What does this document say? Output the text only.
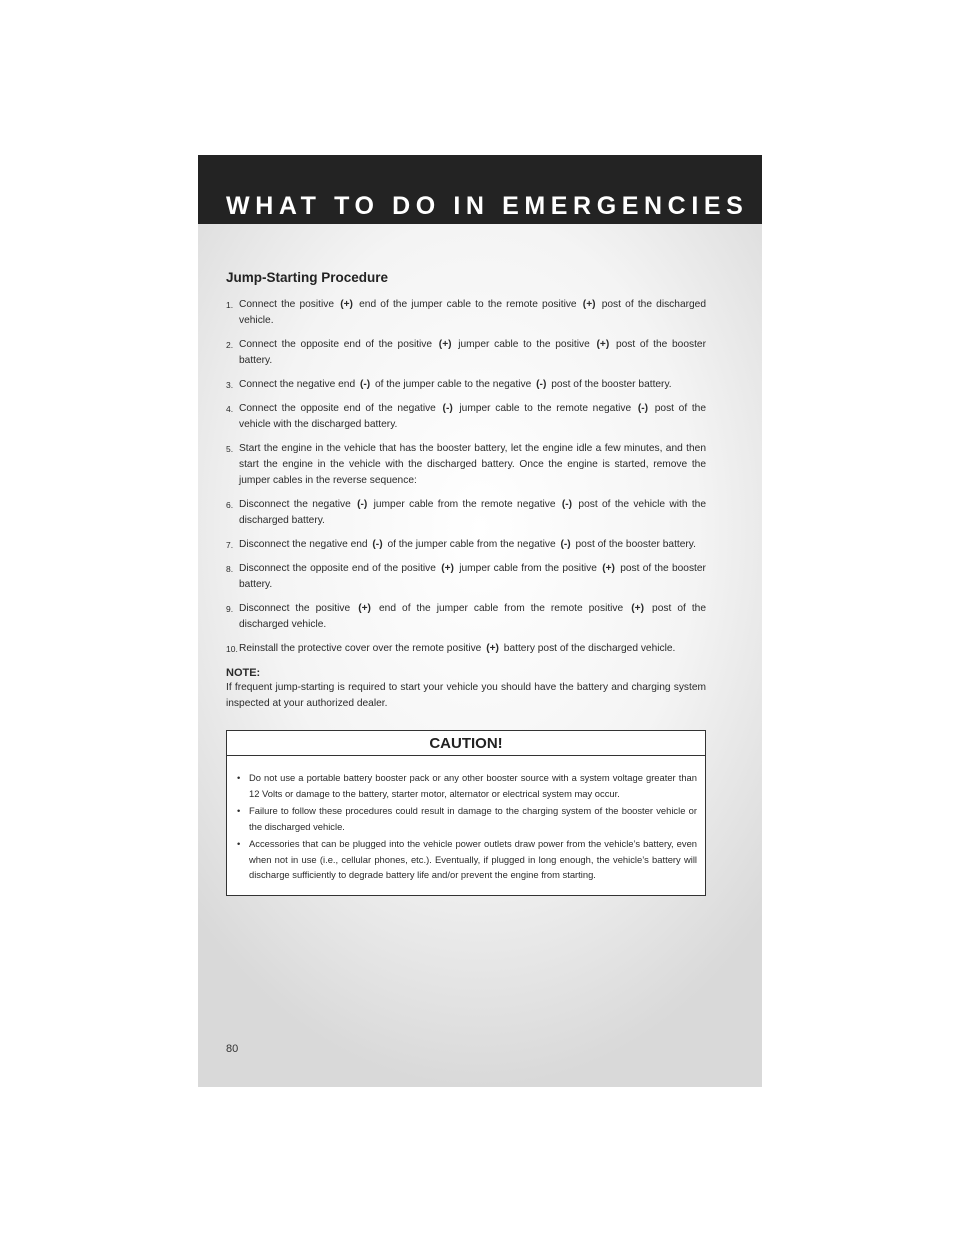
WHAT TO DO IN EMERGENCIES
Jump-Starting Procedure
1. Connect the positive (+) end of the jumper cable to the remote positive (+) post of the discharged vehicle.
2. Connect the opposite end of the positive (+) jumper cable to the positive (+) post of the booster battery.
3. Connect the negative end (-) of the jumper cable to the negative (-) post of the booster battery.
4. Connect the opposite end of the negative (-) jumper cable to the remote negative (-) post of the vehicle with the discharged battery.
5. Start the engine in the vehicle that has the booster battery, let the engine idle a few minutes, and then start the engine in the vehicle with the discharged battery. Once the engine is started, remove the jumper cables in the reverse sequence:
6. Disconnect the negative (-) jumper cable from the remote negative (-) post of the vehicle with the discharged battery.
7. Disconnect the negative end (-) of the jumper cable from the negative (-) post of the booster battery.
8. Disconnect the opposite end of the positive (+) jumper cable from the positive (+) post of the booster battery.
9. Disconnect the positive (+) end of the jumper cable from the remote positive (+) post of the discharged vehicle.
10. Reinstall the protective cover over the remote positive (+) battery post of the discharged vehicle.
NOTE:
If frequent jump-starting is required to start your vehicle you should have the battery and charging system inspected at your authorized dealer.
CAUTION!
• Do not use a portable battery booster pack or any other booster source with a system voltage greater than 12 Volts or damage to the battery, starter motor, alternator or electrical system may occur.
• Failure to follow these procedures could result in damage to the charging system of the booster vehicle or the discharged vehicle.
• Accessories that can be plugged into the vehicle power outlets draw power from the vehicle’s battery, even when not in use (i.e., cellular phones, etc.). Eventually, if plugged in long enough, the vehicle’s battery will discharge sufficiently to degrade battery life and/or prevent the engine from starting.
80
